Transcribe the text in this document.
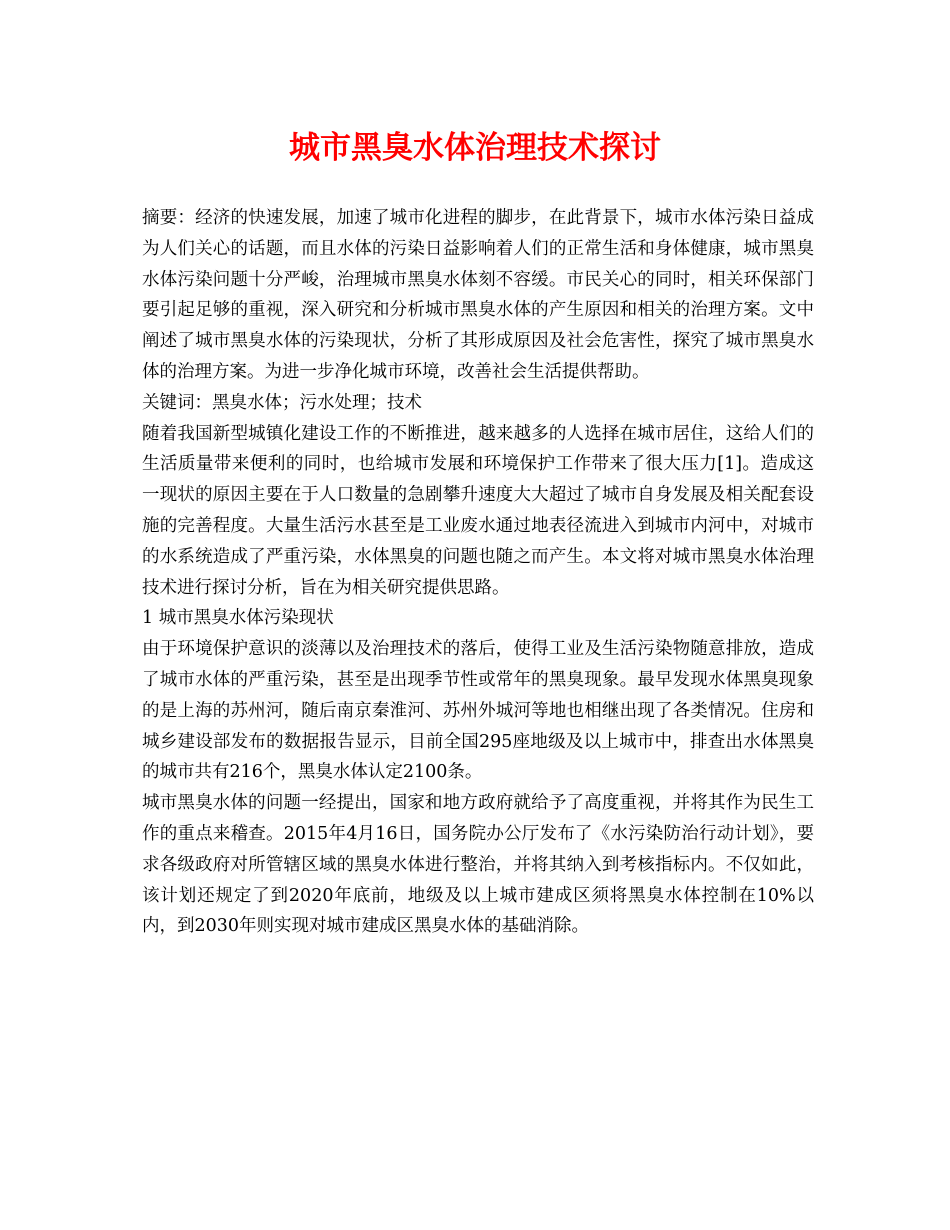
城市黑臭水体治理技术探讨

摘要：经济的快速发展，加速了城市化进程的脚步，在此背景下，城市水体污染日益成为人们关心的话题，而且水体的污染日益影响着人们的正常生活和身体健康，城市黑臭水体污染问题十分严峻，治理城市黑臭水体刻不容缓。市民关心的同时，相关环保部门要引起足够的重视，深入研究和分析城市黑臭水体的产生原因和相关的治理方案。文中阐述了城市黑臭水体的污染现状，分析了其形成原因及社会危害性，探究了城市黑臭水体的治理方案。为进一步净化城市环境，改善社会生活提供帮助。

关键词：黑臭水体；污水处理；技术

随着我国新型城镇化建设工作的不断推进，越来越多的人选择在城市居住，这给人们的生活质量带来便利的同时，也给城市发展和环境保护工作带来了很大压力[1]。造成这一现状的原因主要在于人口数量的急剧攀升速度大大超过了城市自身发展及相关配套设施的完善程度。大量生活污水甚至是工业废水通过地表径流进入到城市内河中，对城市的水系统造成了严重污染，水体黑臭的问题也随之而产生。本文将对城市黑臭水体治理技术进行探讨分析，旨在为相关研究提供思路。

1 城市黑臭水体污染现状

由于环境保护意识的淡薄以及治理技术的落后，使得工业及生活污染物随意排放，造成了城市水体的严重污染，甚至是出现季节性或常年的黑臭现象。最早发现水体黑臭现象的是上海的苏州河，随后南京秦淮河、苏州外城河等地也相继出现了各类情况。住房和城乡建设部发布的数据报告显示，目前全国295座地级及以上城市中，排查出水体黑臭的城市共有216个，黑臭水体认定2100条。

城市黑臭水体的问题一经提出，国家和地方政府就给予了高度重视，并将其作为民生工作的重点来稽查。2015年4月16日，国务院办公厅发布了《水污染防治行动计划》，要求各级政府对所管辖区域的黑臭水体进行整治，并将其纳入到考核指标内。不仅如此，该计划还规定了到2020年底前，地级及以上城市建成区须将黑臭水体控制在10%以内，到2030年则实现对城市建成区黑臭水体的基础消除。
